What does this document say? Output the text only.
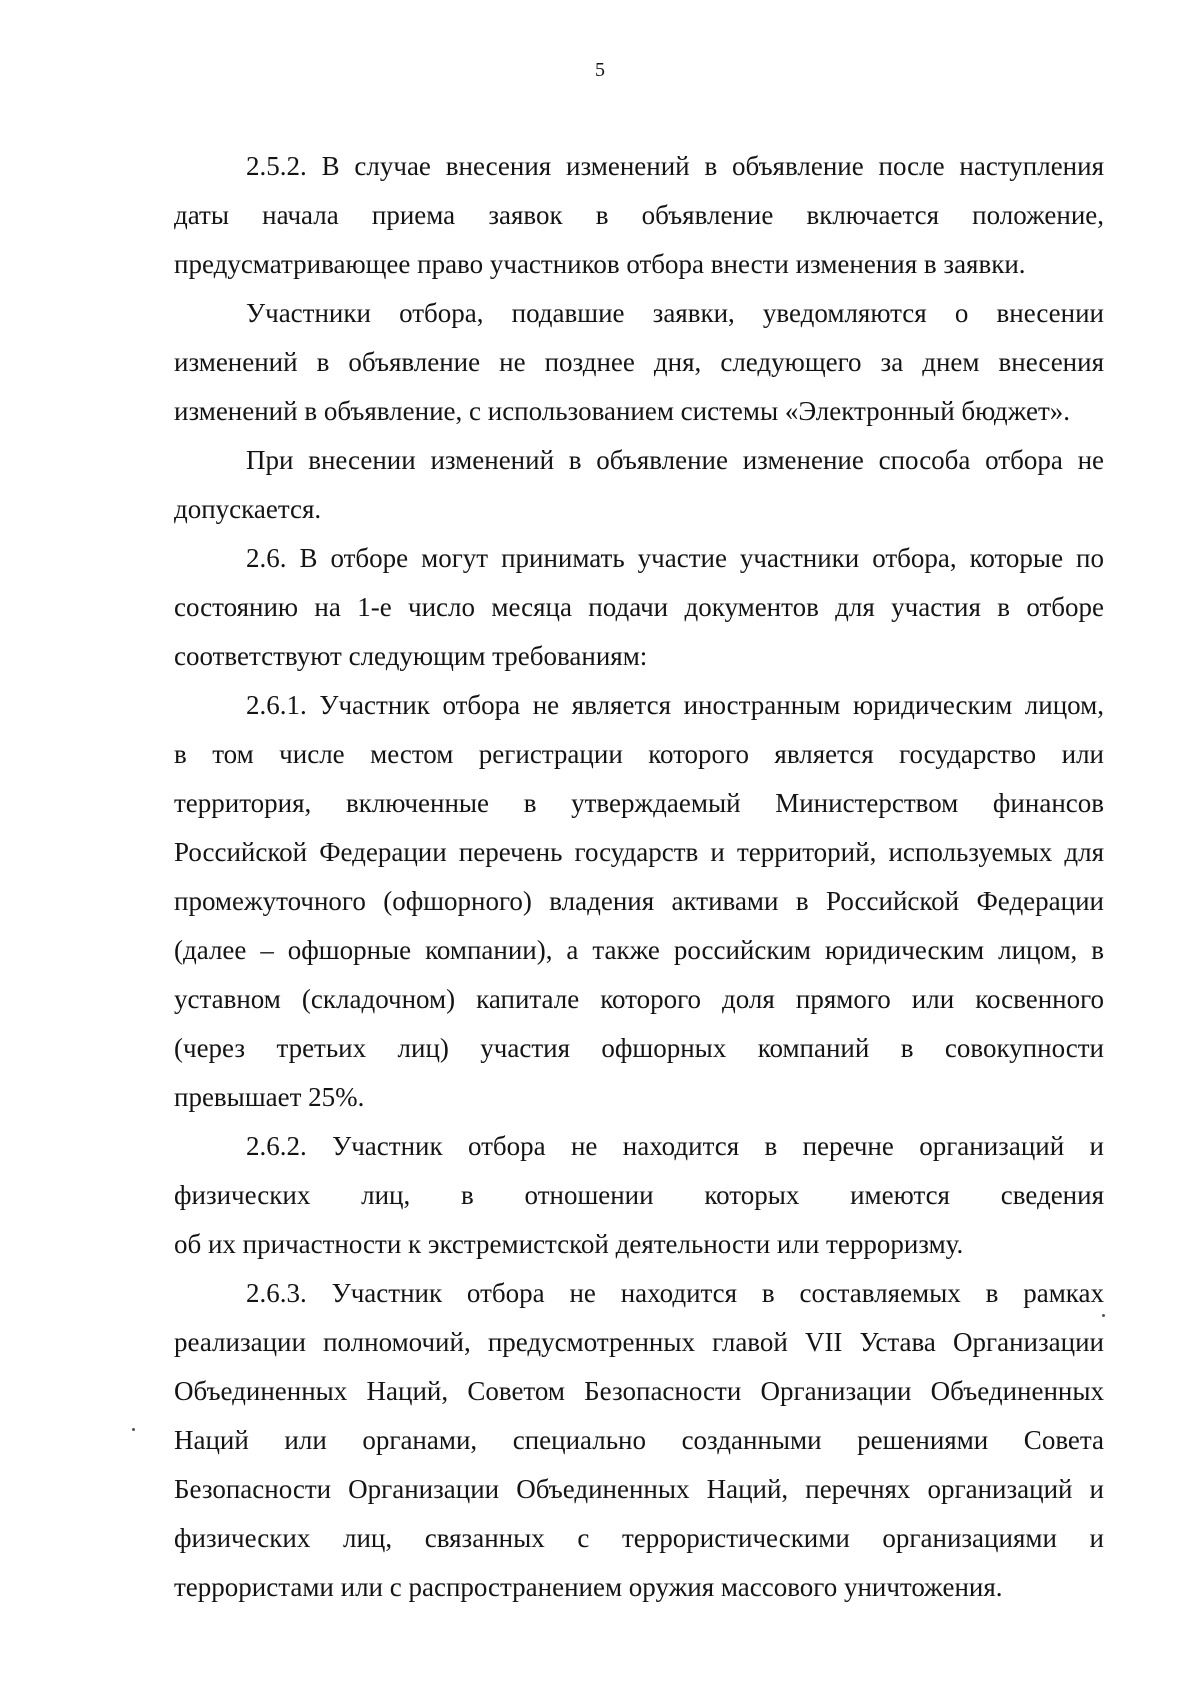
5
2.5.2. В случае внесения изменений в объявление после наступления
даты начала приема заявок в объявление включается положение,
предусматривающее право участников отбора внести изменения в заявки.
Участники отбора, подавшие заявки, уведомляются о внесении
изменений в объявление не позднее дня, следующего за днем внесения
изменений в объявление, с использованием системы «Электронный бюджет».
При внесении изменений в объявление изменение способа отбора не
допускается.
2.6. В отборе могут принимать участие участники отбора, которые по
состоянию на 1-е число месяца подачи документов для участия в отборе
соответствуют следующим требованиям:
2.6.1. Участник отбора не является иностранным юридическим лицом,
в том числе местом регистрации которого является государство или
территория, включенные в утверждаемый Министерством финансов
Российской Федерации перечень государств и территорий, используемых для
промежуточного (офшорного) владения активами в Российской Федерации
(далее – офшорные компании), а также российским юридическим лицом, в
уставном (складочном) капитале которого доля прямого или косвенного
(через третьих лиц) участия офшорных компаний в совокупности
превышает 25%.
2.6.2. Участник отбора не находится в перечне организаций и
физических лиц, в отношении которых имеются сведения
об их причастности к экстремистской деятельности или терроризму.
2.6.3. Участник отбора не находится в составляемых в рамках
реализации полномочий, предусмотренных главой VII Устава Организации
Объединенных Наций, Советом Безопасности Организации Объединенных
Наций или органами, специально созданными решениями Совета
Безопасности Организации Объединенных Наций, перечнях организаций и
физических лиц, связанных с террористическими организациями и
террористами или с распространением оружия массового уничтожения.
